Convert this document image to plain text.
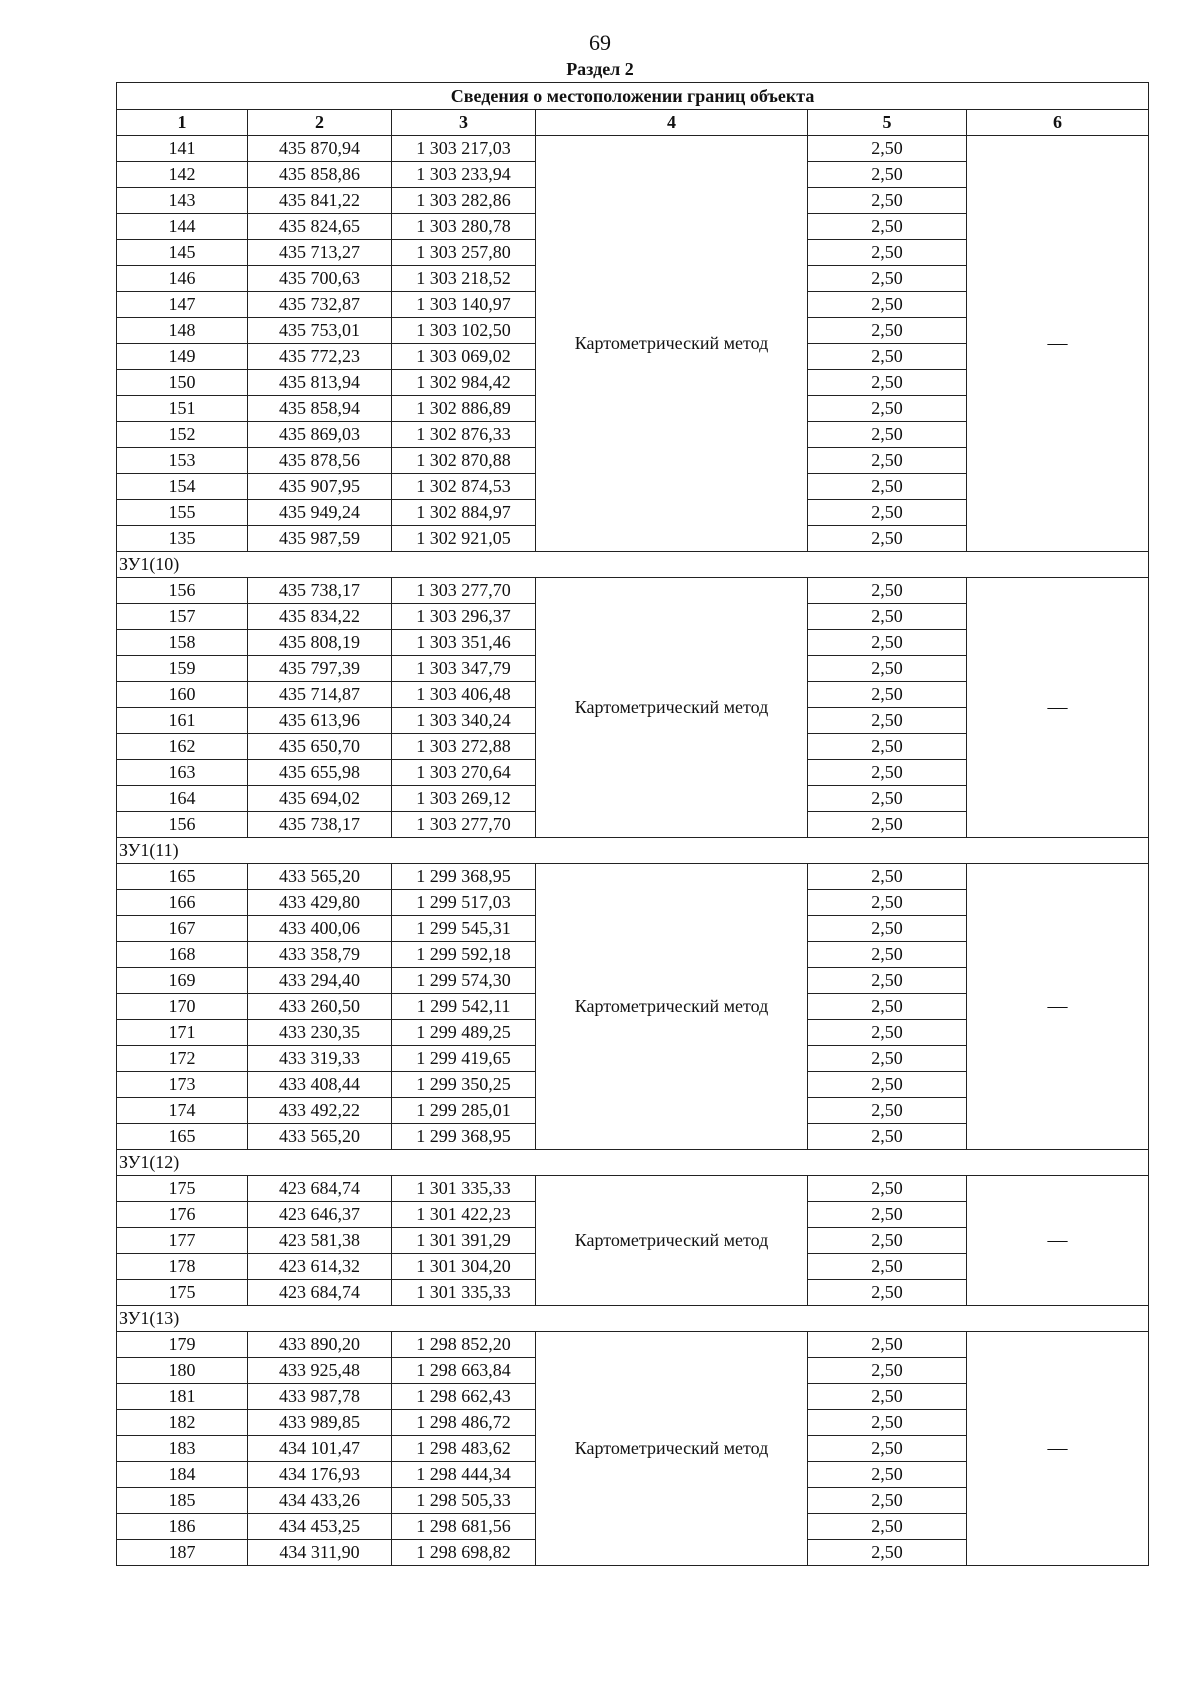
69
Раздел 2
Сведения о местоположении границ объекта					
1	2	3	4	5	6
141	435 870,94	1 303 217,03	Картометрический метод	2,50	—
142	435 858,86	1 303 233,94		2,50	
143	435 841,22	1 303 282,86		2,50	
144	435 824,65	1 303 280,78		2,50	
145	435 713,27	1 303 257,80		2,50	
146	435 700,63	1 303 218,52		2,50	
147	435 732,87	1 303 140,97		2,50	
148	435 753,01	1 303 102,50		2,50	
149	435 772,23	1 303 069,02		2,50	
150	435 813,94	1 302 984,42		2,50	
151	435 858,94	1 302 886,89		2,50	
152	435 869,03	1 302 876,33		2,50	
153	435 878,56	1 302 870,88		2,50	
154	435 907,95	1 302 874,53		2,50	
155	435 949,24	1 302 884,97		2,50	
135	435 987,59	1 302 921,05		2,50	
ЗУ1(10)					
156	435 738,17	1 303 277,70	Картометрический метод	2,50	—
157	435 834,22	1 303 296,37		2,50	
158	435 808,19	1 303 351,46		2,50	
159	435 797,39	1 303 347,79		2,50	
160	435 714,87	1 303 406,48		2,50	
161	435 613,96	1 303 340,24		2,50	
162	435 650,70	1 303 272,88		2,50	
163	435 655,98	1 303 270,64		2,50	
164	435 694,02	1 303 269,12		2,50	
156	435 738,17	1 303 277,70		2,50	
ЗУ1(11)					
165	433 565,20	1 299 368,95	Картометрический метод	2,50	—
166	433 429,80	1 299 517,03		2,50	
167	433 400,06	1 299 545,31		2,50	
168	433 358,79	1 299 592,18		2,50	
169	433 294,40	1 299 574,30		2,50	
170	433 260,50	1 299 542,11		2,50	
171	433 230,35	1 299 489,25		2,50	
172	433 319,33	1 299 419,65		2,50	
173	433 408,44	1 299 350,25		2,50	
174	433 492,22	1 299 285,01		2,50	
165	433 565,20	1 299 368,95		2,50	
ЗУ1(12)					
175	423 684,74	1 301 335,33	Картометрический метод	2,50	—
176	423 646,37	1 301 422,23		2,50	
177	423 581,38	1 301 391,29		2,50	
178	423 614,32	1 301 304,20		2,50	
175	423 684,74	1 301 335,33		2,50	
ЗУ1(13)					
179	433 890,20	1 298 852,20	Картометрический метод	2,50	—
180	433 925,48	1 298 663,84		2,50	
181	433 987,78	1 298 662,43		2,50	
182	433 989,85	1 298 486,72		2,50	
183	434 101,47	1 298 483,62		2,50	
184	434 176,93	1 298 444,34		2,50	
185	434 433,26	1 298 505,33		2,50	
186	434 453,25	1 298 681,56		2,50	
187	434 311,90	1 298 698,82		2,50	
